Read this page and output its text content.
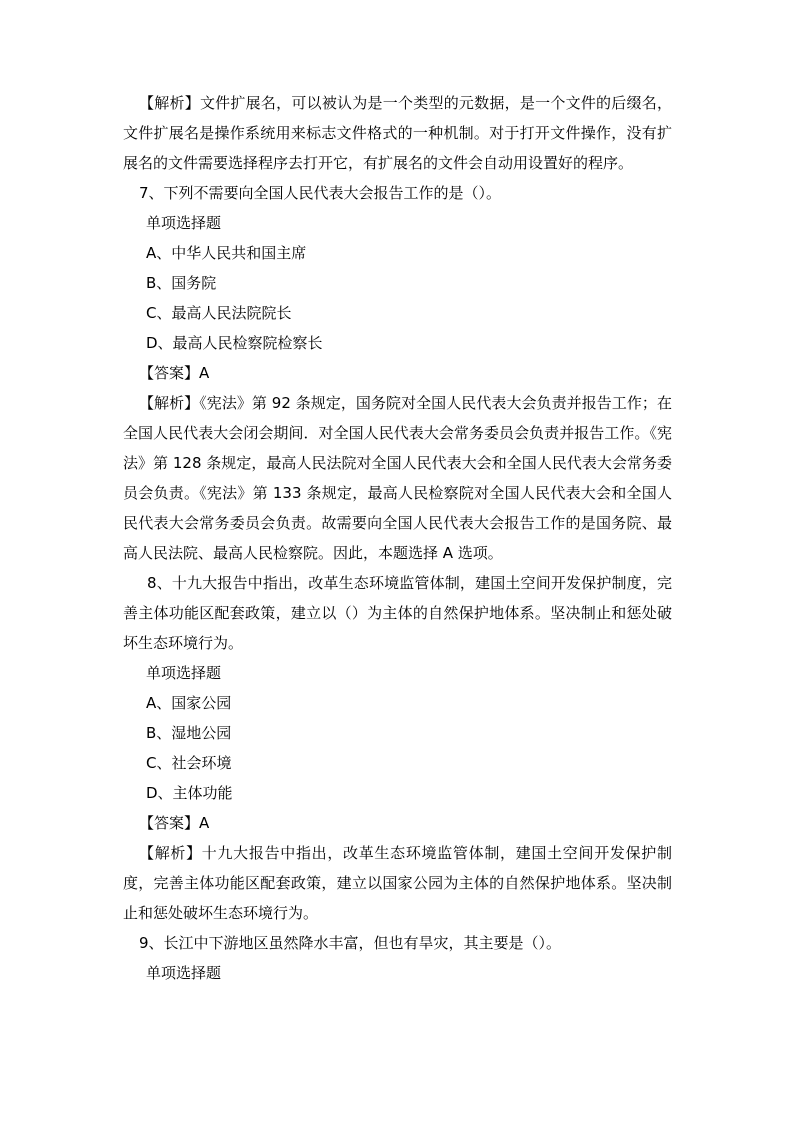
【解析】文件扩展名，可以被认为是一个类型的元数据，是一个文件的后缀名，文件扩展名是操作系统用来标志文件格式的一种机制。对于打开文件操作，没有扩展名的文件需要选择程序去打开它，有扩展名的文件会自动用设置好的程序。

7、下列不需要向全国人民代表大会报告工作的是（）。

单项选择题

A、中华人民共和国主席

B、国务院

C、最高人民法院院长

D、最高人民检察院检察长

【答案】A

【解析】《宪法》第 92 条规定，国务院对全国人民代表大会负责并报告工作；在全国人民代表大会闭会期间．对全国人民代表大会常务委员会负责并报告工作。《宪法》第 128 条规定，最高人民法院对全国人民代表大会和全国人民代表大会常务委员会负责。《宪法》第 133 条规定，最高人民检察院对全国人民代表大会和全国人民代表大会常务委员会负责。故需要向全国人民代表大会报告工作的是国务院、最高人民法院、最高人民检察院。因此，本题选择 A 选项。

8、十九大报告中指出，改革生态环境监管体制，建国土空间开发保护制度，完善主体功能区配套政策，建立以（）为主体的自然保护地体系。坚决制止和惩处破坏生态环境行为。

单项选择题

A、国家公园

B、湿地公园

C、社会环境

D、主体功能

【答案】A

【解析】十九大报告中指出，改革生态环境监管体制，建国土空间开发保护制度，完善主体功能区配套政策，建立以国家公园为主体的自然保护地体系。坚决制止和惩处破坏生态环境行为。

9、长江中下游地区虽然降水丰富，但也有旱灾，其主要是（）。

单项选择题
